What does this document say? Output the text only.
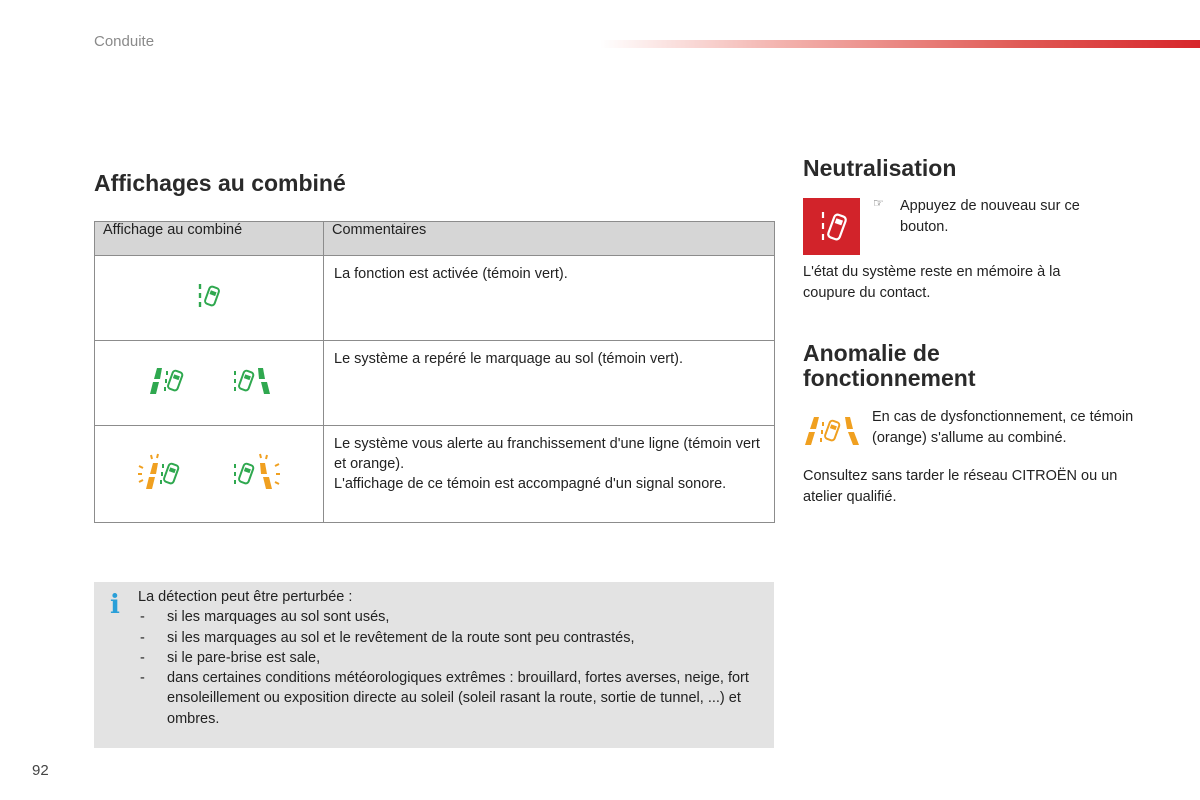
Conduite
Affichages au combiné
Affichage au combiné	Commentaires

La fonction est activée (témoin vert).

Le système a repéré le marquage au sol (témoin vert).

Le système vous alerte au franchissement d'une ligne (témoin vert et orange).
L'affichage de ce témoin est accompagné d'un signal sonore.
i La détection peut être perturbée :
- si les marquages au sol sont usés,
- si les marquages au sol et le revêtement de la route sont peu contrastés,
- si le pare-brise est sale,
- dans certaines conditions météorologiques extrêmes : brouillard, fortes averses, neige, fort ensoleillement ou exposition directe au soleil (soleil rasant la route, sortie de tunnel, ...) et ombres.
Neutralisation
☞ Appuyez de nouveau sur ce bouton.
L'état du système reste en mémoire à la coupure du contact.
Anomalie de fonctionnement
En cas de dysfonctionnement, ce témoin (orange) s'allume au combiné.
Consultez sans tarder le réseau CITROËN ou un atelier qualifié.
92
